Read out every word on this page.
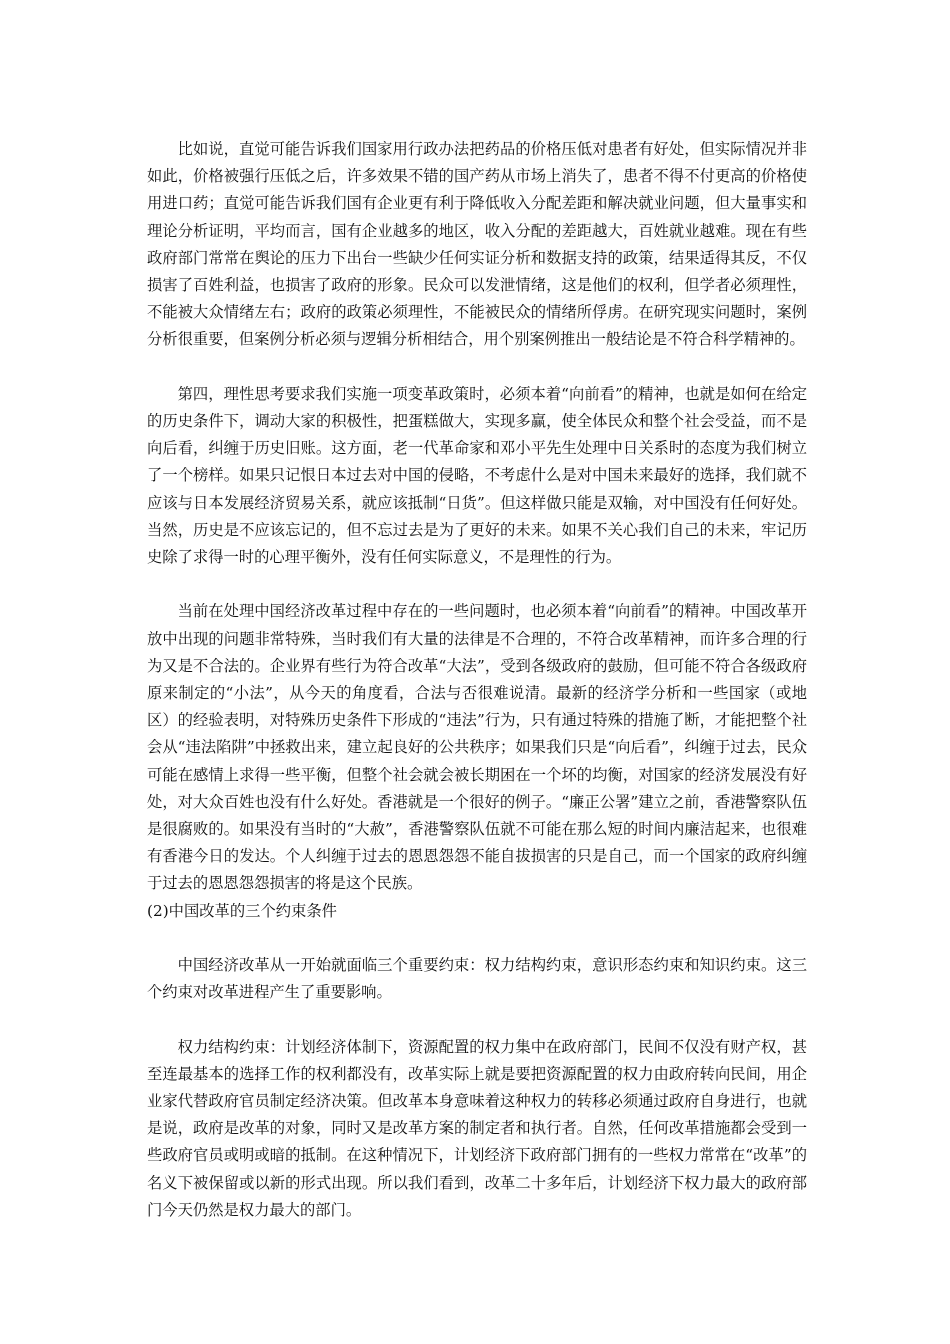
比如说，直觉可能告诉我们国家用行政办法把药品的价格压低对患者有好处，但实际情况并非如此，价格被强行压低之后，许多效果不错的国产药从市场上消失了，患者不得不付更高的价格使用进口药；直觉可能告诉我们国有企业更有利于降低收入分配差距和解决就业问题，但大量事实和理论分析证明，平均而言，国有企业越多的地区，收入分配的差距越大，百姓就业越难。现在有些政府部门常常在舆论的压力下出台一些缺少任何实证分析和数据支持的政策，结果适得其反，不仅损害了百姓利益，也损害了政府的形象。民众可以发泄情绪，这是他们的权利，但学者必须理性，不能被大众情绪左右；政府的政策必须理性，不能被民众的情绪所俘虏。在研究现实问题时，案例分析很重要，但案例分析必须与逻辑分析相结合，用个别案例推出一般结论是不符合科学精神的。

第四，理性思考要求我们实施一项变革政策时，必须本着“向前看”的精神，也就是如何在给定的历史条件下，调动大家的积极性，把蛋糕做大，实现多赢，使全体民众和整个社会受益，而不是向后看，纠缠于历史旧账。这方面，老一代革命家和邓小平先生处理中日关系时的态度为我们树立了一个榜样。如果只记恨日本过去对中国的侵略，不考虑什么是对中国未来最好的选择，我们就不应该与日本发展经济贸易关系，就应该抵制“日货”。但这样做只能是双输，对中国没有任何好处。当然，历史是不应该忘记的，但不忘过去是为了更好的未来。如果不关心我们自己的未来，牢记历史除了求得一时的心理平衡外，没有任何实际意义，不是理性的行为。

当前在处理中国经济改革过程中存在的一些问题时，也必须本着“向前看”的精神。中国改革开放中出现的问题非常特殊，当时我们有大量的法律是不合理的，不符合改革精神，而许多合理的行为又是不合法的。企业界有些行为符合改革“大法”，受到各级政府的鼓励，但可能不符合各级政府原来制定的“小法”，从今天的角度看，合法与否很难说清。最新的经济学分析和一些国家（或地区）的经验表明，对特殊历史条件下形成的“违法”行为，只有通过特殊的措施了断，才能把整个社会从“违法陷阱”中拯救出来，建立起良好的公共秩序；如果我们只是“向后看”，纠缠于过去，民众可能在感情上求得一些平衡，但整个社会就会被长期困在一个坏的均衡，对国家的经济发展没有好处，对大众百姓也没有什么好处。香港就是一个很好的例子。“廉正公署”建立之前，香港警察队伍是很腐败的。如果没有当时的“大赦”，香港警察队伍就不可能在那么短的时间内廉洁起来，也很难有香港今日的发达。个人纠缠于过去的恩恩怨怨不能自拔损害的只是自己，而一个国家的政府纠缠于过去的恩恩怨怨损害的将是这个民族。

(2)中国改革的三个约束条件

中国经济改革从一开始就面临三个重要约束：权力结构约束，意识形态约束和知识约束。这三个约束对改革进程产生了重要影响。

权力结构约束：计划经济体制下，资源配置的权力集中在政府部门，民间不仅没有财产权，甚至连最基本的选择工作的权利都没有，改革实际上就是要把资源配置的权力由政府转向民间，用企业家代替政府官员制定经济决策。但改革本身意味着这种权力的转移必须通过政府自身进行，也就是说，政府是改革的对象，同时又是改革方案的制定者和执行者。自然，任何改革措施都会受到一些政府官员或明或暗的抵制。在这种情况下，计划经济下政府部门拥有的一些权力常常在“改革”的名义下被保留或以新的形式出现。所以我们看到，改革二十多年后，计划经济下权力最大的政府部门今天仍然是权力最大的部门。
